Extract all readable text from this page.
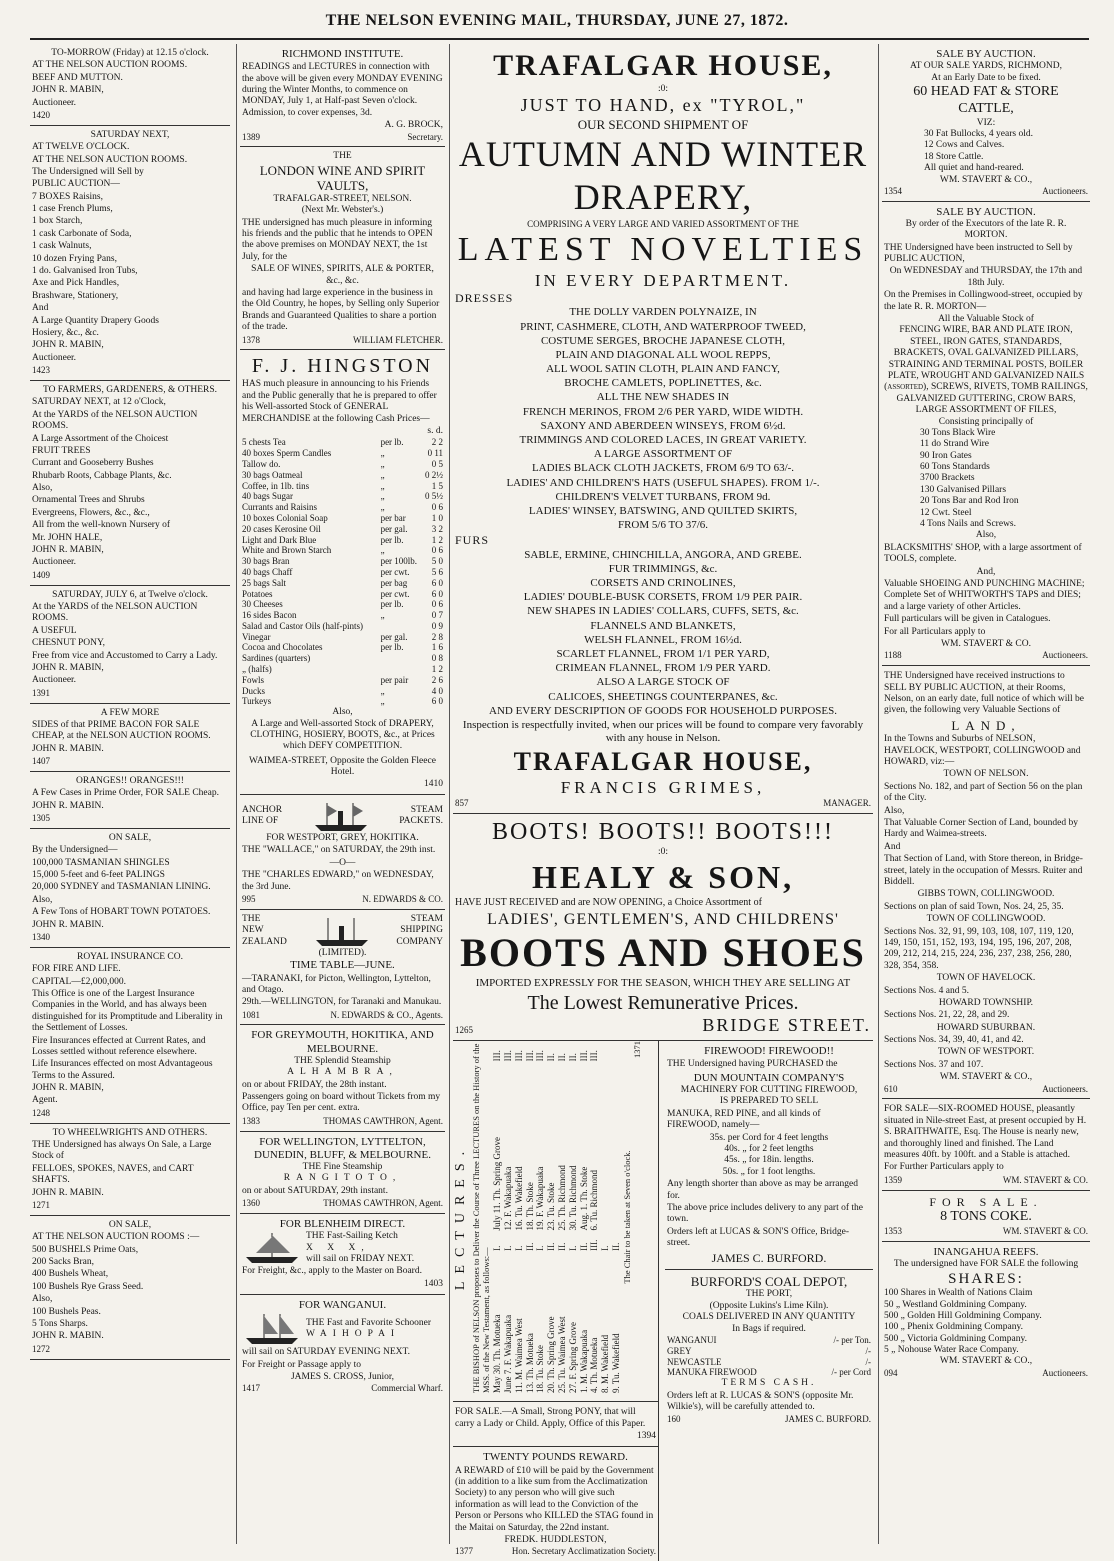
THE NELSON EVENING MAIL, THURSDAY, JUNE 27, 1872.
TO-MORROW (Friday) at 12.15 o'clock.
AT THE NELSON AUCTION ROOMS.
BEEF AND MUTTON.
JOHN R. MABIN,
Auctioneer.
1420
SATURDAY NEXT,
AT TWELVE O'CLOCK.
AT THE NELSON AUCTION ROOMS.
The Undersigned will Sell by
PUBLIC AUCTION—
7 BOXES Raisins,
1 case French Plums,
1 box Starch,
1 cask Carbonate of Soda,
1 cask Walnuts,
10 dozen Frying Pans,
1 do. Galvanised Iron Tubs,
Axe and Pick Handles,
Brashware, Stationery,
And
A Large Quantity Drapery Goods
Hosiery, &c., &c.
JOHN R. MABIN,
Auctioneer.
1423
TO FARMERS, GARDENERS, & OTHERS.
SATURDAY NEXT, at 12 o'Clock,
At the YARDS of the NELSON AUCTION ROOMS.
A Large Assortment of the Choicest
FRUIT TREES
Currant and Gooseberry Bushes
Rhubarb Roots, Cabbage Plants, &c.
Also,
Ornamental Trees and Shrubs
Evergreens, Flowers, &c., &c.,
All from the well-known Nursery of
Mr. JOHN HALE,
JOHN R. MABIN,
Auctioneer.
1409
SATURDAY, JULY 6, at Twelve o'clock.
At the YARDS of the NELSON AUCTION ROOMS.
A USEFUL
CHESNUT PONY,
Free from vice and Accustomed to Carry a Lady.
JOHN R. MABIN,
Auctioneer.
1391
A FEW MORE
SIDES of that PRIME BACON FOR SALE CHEAP, at the NELSON AUCTION ROOMS.
JOHN R. MABIN.
1407
ORANGES!! ORANGES!!!
A Few Cases in Prime Order, FOR SALE Cheap.
JOHN R. MABIN.
1305
ON SALE,
By the Undersigned—
100,000 TASMANIAN SHINGLES
15,000 5-feet and 6-feet PALINGS
20,000 SYDNEY and TASMANIAN LINING.
Also,
A Few Tons of HOBART TOWN POTATOES.
JOHN R. MABIN.
1340
ROYAL INSURANCE CO.
FOR FIRE AND LIFE.
CAPITAL—£2,000,000.
This Office is one of the Largest Insurance Companies in the World, and has always been distinguished for its Promptitude and Liberality in the Settlement of Losses.
Fire Insurances effected at Current Rates, and Losses settled without reference elsewhere.
Life Insurances effected on most Advantageous Terms to the Assured.
JOHN R. MABIN,
Agent.
1248
TO WHEELWRIGHTS AND OTHERS.
THE Undersigned has always On Sale, a Large Stock of
FELLOES, SPOKES, NAVES, and CART SHAFTS.
JOHN R. MABIN.
1271
ON SALE,
AT THE NELSON AUCTION ROOMS :—
500 BUSHELS Prime Oats,
200 Sacks Bran,
400 Bushels Wheat,
100 Bushels Rye Grass Seed.
Also,
100 Bushels Peas.
5 Tons Sharps.
JOHN R. MABIN.
1272
RICHMOND INSTITUTE.
READINGS and LECTURES in connection with the above will be given every MONDAY EVENING during the Winter Months, to commence on MONDAY, July 1, at Half-past Seven o'clock. Admission, to cover expenses, 3d.
A. G. BROCK,
1389	Secretary.
THE
LONDON WINE AND SPIRIT VAULTS,
TRAFALGAR-STREET, NELSON.
(Next Mr. Webster's.)
THE undersigned has much pleasure in informing his friends and the public that he intends to OPEN the above premises on MONDAY NEXT, the 1st July, for the
SALE OF WINES, SPIRITS, ALE & PORTER, &c., &c.
and having had large experience in the business in the Old Country, he hopes, by Selling only Superior Brands and Guaranteed Qualities to share a portion of the trade.
1378	WILLIAM FLETCHER.
F. J. HINGSTON
HAS much pleasure in announcing to his Friends and the Public generally that he is prepared to offer his Well-assorted Stock of GENERAL MERCHANDISE at the following Cash Prices—
s. d.
5 chests Tea	per lb.	2 2
40 boxes Sperm Candles	„	0 11
Tallow do.	„	0 5
30 bags Oatmeal	„	0 2½
Coffee, in 1lb. tins	„	1 5
40 bags Sugar	„	0 5½
Currants and Raisins	„	0 6
10 boxes Colonial Soap	per bar	1 0
20 cases Kerosine Oil	per gal.	3 2
Light and Dark Blue	per lb.	1 2
White and Brown Starch	„	0 6
30 bags Bran	per 100lb.	5 0
40 bags Chaff	per cwt.	5 6
25 bags Salt	per bag	6 0
Potatoes	per cwt.	6 0
30 Cheeses	per lb.	0 6
16 sides Bacon	„	0 7
Salad and Castor Oils (half-pints)		0 9
Vinegar	per gal.	2 8
Cocoa and Chocolates	per lb.	1 6
Sardines (quarters)		0 8
„ (halfs)		1 2
Fowls	per pair	2 6
Ducks	„	4 0
Turkeys	„	6 0
Also,
A Large and Well-assorted Stock of DRAPERY, CLOTHING, HOSIERY, BOOTS, &c., at Prices which DEFY COMPETITION.
WAIMEA-STREET, Opposite the Golden Fleece Hotel.
1410
ANCHOR
LINE OF
STEAM
PACKETS.
FOR WESTPORT, GREY, HOKITIKA.
THE "WALLACE," on SATURDAY, the 29th inst.
—O—
THE "CHARLES EDWARD," on WEDNESDAY, the 3rd June.
995	N. EDWARDS & CO.
THE
NEW
ZEALAND
STEAM
SHIPPING
COMPANY
(LIMITED).
TIME TABLE—JUNE.
—TARANAKI, for Picton, Wellington, Lyttelton, and Otago.
29th.—WELLINGTON, for Taranaki and Manukau.
1081	N. EDWARDS & CO., Agents.
FOR GREYMOUTH, HOKITIKA, AND MELBOURNE.
THE Splendid Steamship
ALHAMBRA,
on or about FRIDAY, the 28th instant.
Passengers going on board without Tickets from my Office, pay Ten per cent. extra.
1383	THOMAS CAWTHRON, Agent.
FOR WELLINGTON, LYTTELTON, DUNEDIN, BLUFF, & MELBOURNE.
THE Fine Steamship
RANGITOTO,
on or about SATURDAY, 29th instant.
1360	THOMAS CAWTHRON, Agent.
FOR BLENHEIM DIRECT.
THE Fast-Sailing Ketch
X X X,
will sail on FRIDAY NEXT.
For Freight, &c., apply to the Master on Board.
1403
FOR WANGANUI.
THE Fast and Favorite Schooner
WAIHOPAI
will sail on SATURDAY EVENING NEXT.
For Freight or Passage apply to
JAMES S. CROSS, Junior,
1417	Commercial Wharf.
TRAFALGAR HOUSE,
:0:
JUST TO HAND, ex "TYROL,"
OUR SECOND SHIPMENT OF
AUTUMN AND WINTER DRAPERY,
COMPRISING A VERY LARGE AND VARIED ASSORTMENT OF THE
LATEST NOVELTIES
IN EVERY DEPARTMENT.
DRESSES
THE DOLLY VARDEN POLYNAIZE, IN
PRINT, CASHMERE, CLOTH, AND WATERPROOF TWEED,
COSTUME SERGES, BROCHE JAPANESE CLOTH,
PLAIN AND DIAGONAL ALL WOOL REPPS,
ALL WOOL SATIN CLOTH, PLAIN AND FANCY,
BROCHE CAMLETS, POPLINETTES, &c.
ALL THE NEW SHADES IN
FRENCH MERINOS, FROM 2/6 PER YARD, WIDE WIDTH.
SAXONY AND ABERDEEN WINSEYS, FROM 6½d.
TRIMMINGS AND COLORED LACES, IN GREAT VARIETY.
A LARGE ASSORTMENT OF
LADIES BLACK CLOTH JACKETS, FROM 6/9 TO 63/-.
LADIES' AND CHILDREN'S HATS (USEFUL SHAPES). FROM 1/-.
CHILDREN'S VELVET TURBANS, FROM 9d.
LADIES' WINSEY, BATSWING, AND QUILTED SKIRTS,
FROM 5/6 TO 37/6.
FURS
SABLE, ERMINE, CHINCHILLA, ANGORA, AND GREBE.
FUR TRIMMINGS, &c.
CORSETS AND CRINOLINES,
LADIES' DOUBLE-BUSK CORSETS, FROM 1/9 PER PAIR.
NEW SHAPES IN LADIES' COLLARS, CUFFS, SETS, &c.
FLANNELS AND BLANKETS,
WELSH FLANNEL, FROM 16½d.
SCARLET FLANNEL, FROM 1/1 PER YARD,
CRIMEAN FLANNEL, FROM 1/9 PER YARD.
ALSO A LARGE STOCK OF
CALICOES, SHEETINGS COUNTERPANES, &c.
AND EVERY DESCRIPTION OF GOODS FOR HOUSEHOLD PURPOSES.
Inspection is respectfully invited, when our prices will be found to compare very favorably with any house in Nelson.
TRAFALGAR HOUSE,
FRANCIS GRIMES,
857	MANAGER.
BOOTS! BOOTS!! BOOTS!!!
:0:
HEALY & SON,
HAVE JUST RECEIVED and are NOW OPENING, a Choice Assortment of
LADIES', GENTLEMEN'S, AND CHILDRENS'
BOOTS AND SHOES
IMPORTED EXPRESSLY FOR THE SEASON, WHICH THEY ARE SELLING AT
The Lowest Remunerative Prices.
1265	BRIDGE STREET.
LECTURES. THE BISHOP of NELSON proposes to Deliver the Course of Three LECTURES on the History of the MSS. of the New Testament, as follows:— May 30. Th. Motueka	I.	July 11. Th. Spring Grove	III.
June 7. F. Wakapuaka	I.	12. F. Wakapuaka	III.
11. M. Waimea West	I.	16. Tu. Wakefield	III.
13. Th. Motueka	II.	18. Th. Stoke	III.
18. Tu. Stoke	I.	19. F. Wakapuaka	III.
20. Th. Spring Grove	II.	23. Tu. Stoke	II.
25. Tu. Waimea West	II.	25. Th. Richmond	II.
27. F. Spring Grove	I.	30. Tu. Richmond	II.
1. M. Wakapuaka	II.	Aug. 1. Th. Stoke	III.
4. Th. Motueka	III.	6. Tu. Richmond	III.
8. M. Wakefield	I.		
9. Tu. Wakefield	II.		The Chair to be taken at Seven o'clock.
1371
FOR SALE.—A Small, Strong PONY, that will carry a Lady or Child. Apply, Office of this Paper.
1394
TWENTY POUNDS REWARD.
A REWARD of £10 will be paid by the Government (in addition to a like sum from the Acclimatization Society) to any person who will give such information as will lead to the Conviction of the Person or Persons who KILLED the STAG found in the Maitai on Saturday, the 22nd instant.
FREDK. HUDDLESTON,
1377	Hon. Secretary Acclimatization Society.
FIREWOOD! FIREWOOD!!
THE Undersigned having PURCHASED the
DUN MOUNTAIN COMPANY'S
MACHINERY FOR CUTTING FIREWOOD,
IS PREPARED TO SELL
MANUKA, RED PINE, and all kinds of FIREWOOD, namely—
35s. per Cord for 4 feet lengths
40s. „ for 2 feet lengths
45s. „ for 18in. lengths.
50s. „ for 1 foot lengths.
Any length shorter than above as may be arranged for.
The above price includes delivery to any part of the town.
Orders left at LUCAS & SON'S Office, Bridge-street.
JAMES C. BURFORD.
BURFORD'S COAL DEPOT,
THE PORT,
(Opposite Lukins's Lime Kiln).
COALS DELIVERED IN ANY QUANTITY
In Bags if required.
WANGANUI	/- per Ton.
GREY	/-
NEWCASTLE	/-
MANUKA FIREWOOD	/- per Cord
TERMS CASH.
Orders left at R. LUCAS & SON'S (opposite Mr. Wilkie's), will be carefully attended to.
160	JAMES C. BURFORD.
SALE BY AUCTION.
AT OUR SALE YARDS, RICHMOND,
At an Early Date to be fixed.
60 HEAD FAT & STORE CATTLE,
VIZ:
30 Fat Bullocks, 4 years old.
12 Cows and Calves.
18 Store Cattle.
All quiet and hand-reared.
WM. STAVERT & CO.,
1354	Auctioneers.
SALE BY AUCTION.
By order of the Executors of the late R. R. MORTON.
THE Undersigned have been instructed to Sell by PUBLIC AUCTION,
On WEDNESDAY and THURSDAY, the 17th and 18th July.
On the Premises in Collingwood-street, occupied by the late R. R. MORTON—
All the Valuable Stock of
FENCING WIRE, BAR AND PLATE IRON, STEEL, IRON GATES, STANDARDS, BRACKETS, OVAL GALVANIZED PILLARS, STRAINING AND TERMINAL POSTS, BOILER PLATE, WROUGHT AND GALVANIZED NAILS (assorted), SCREWS, RIVETS, TOMB RAILINGS, GALVANIZED GUTTERING, CROW BARS, LARGE ASSORTMENT OF FILES,
Consisting principally of
30 Tons Black Wire
11 do Strand Wire
90 Iron Gates
60 Tons Standards
3700 Brackets
130 Galvanised Pillars
20 Tons Bar and Rod Iron
12 Cwt. Steel
4 Tons Nails and Screws.
Also,
BLACKSMITHS' SHOP, with a large assortment of TOOLS, complete.
And,
Valuable SHOEING AND PUNCHING MACHINE; Complete Set of WHITWORTH'S TAPS and DIES; and a large variety of other Articles.
Full particulars will be given in Catalogues.
For all Particulars apply to
WM. STAVERT & CO.
1188	Auctioneers.
THE Undersigned have received instructions to SELL BY PUBLIC AUCTION, at their Rooms, Nelson, on an early date, full notice of which will be given, the following very Valuable Sections of
LAND,
In the Towns and Suburbs of NELSON, HAVELOCK, WESTPORT, COLLINGWOOD and HOWARD, viz:—
TOWN OF NELSON.
Sections No. 182, and part of Section 56 on the plan of the City.
Also,
That Valuable Corner Section of Land, bounded by Hardy and Waimea-streets.
And
That Section of Land, with Store thereon, in Bridge-street, lately in the occupation of Messrs. Ruiter and Biddell.
GIBBS TOWN, COLLINGWOOD.
Sections on plan of said Town, Nos. 24, 25, 35.
TOWN OF COLLINGWOOD.
Sections Nos. 32, 91, 99, 103, 108, 107, 119, 120, 149, 150, 151, 152, 193, 194, 195, 196, 207, 208, 209, 212, 214, 215, 224, 236, 237, 238, 256, 280, 328, 354, 358.
TOWN OF HAVELOCK.
Sections Nos. 4 and 5.
HOWARD TOWNSHIP.
Sections Nos. 21, 22, 28, and 29.
HOWARD SUBURBAN.
Sections Nos. 34, 39, 40, 41, and 42.
TOWN OF WESTPORT.
Sections Nos. 37 and 107.
WM. STAVERT & CO.,
610	Auctioneers.
FOR SALE—SIX-ROOMED HOUSE, pleasantly situated in Nile-street East, at present occupied by H. S. BRAITHWAITE, Esq. The House is nearly new, and thoroughly lined and finished. The Land measures 40ft. by 100ft. and a Stable is attached.
For Further Particulars apply to
1359	WM. STAVERT & CO.
FOR SALE.
8 TONS COKE.
1353	WM. STAVERT & CO.
INANGAHUA REEFS.
The undersigned have FOR SALE the following
SHARES:
100 Shares in Wealth of Nations Claim
50 „ Westland Goldmining Company.
500 „ Golden Hill Goldmining Company.
100 „ Phenix Goldmining Company.
500 „ Victoria Goldmining Company.
5 „ Nohouse Water Race Company.
WM. STAVERT & CO.,
094	Auctioneers.
